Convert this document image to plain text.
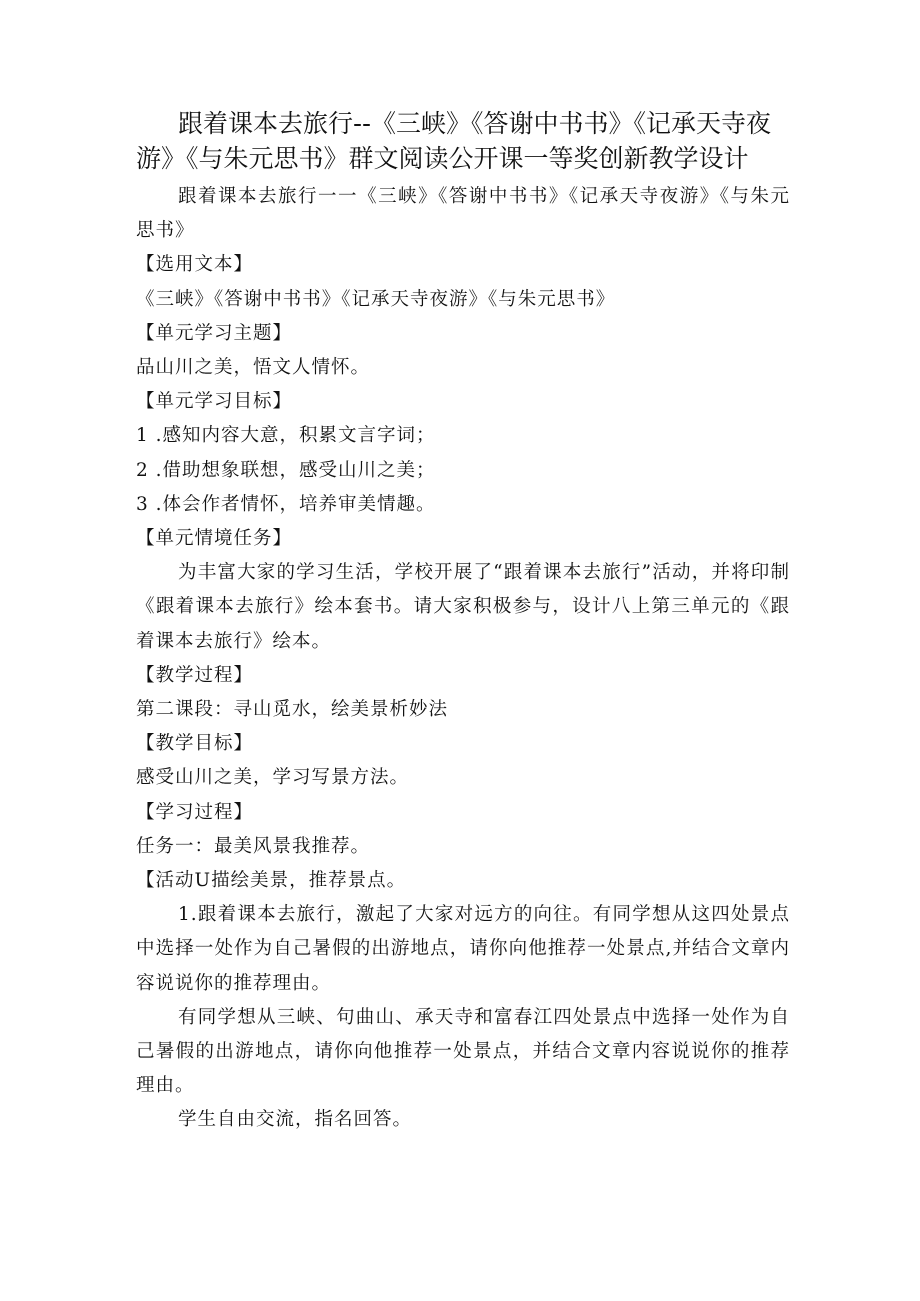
跟着课本去旅行--《三峡》《答谢中书书》《记承天寺夜游》《与朱元思书》群文阅读公开课一等奖创新教学设计

跟着课本去旅行一一《三峡》《答谢中书书》《记承天寺夜游》《与朱元思书》

【选用文本】

《三峡》《答谢中书书》《记承天寺夜游》《与朱元思书》

【单元学习主题】

品山川之美，悟文人情怀。

【单元学习目标】

1 .感知内容大意，积累文言字词；

2 .借助想象联想，感受山川之美；

3 .体会作者情怀，培养审美情趣。

【单元情境任务】

为丰富大家的学习生活，学校开展了“跟着课本去旅行”活动，并将印制《跟着课本去旅行》绘本套书。请大家积极参与，设计八上第三单元的《跟着课本去旅行》绘本。

【教学过程】

第二课段：寻山觅水，绘美景析妙法

【教学目标】

感受山川之美，学习写景方法。

【学习过程】

任务一：最美风景我推荐。

【活动U描绘美景，推荐景点。

1.跟着课本去旅行，激起了大家对远方的向往。有同学想从这四处景点中选择一处作为自己暑假的出游地点，请你向他推荐一处景点,并结合文章内容说说你的推荐理由。

有同学想从三峡、句曲山、承天寺和富春江四处景点中选择一处作为自己暑假的出游地点，请你向他推荐一处景点，并结合文章内容说说你的推荐理由。

学生自由交流，指名回答。
